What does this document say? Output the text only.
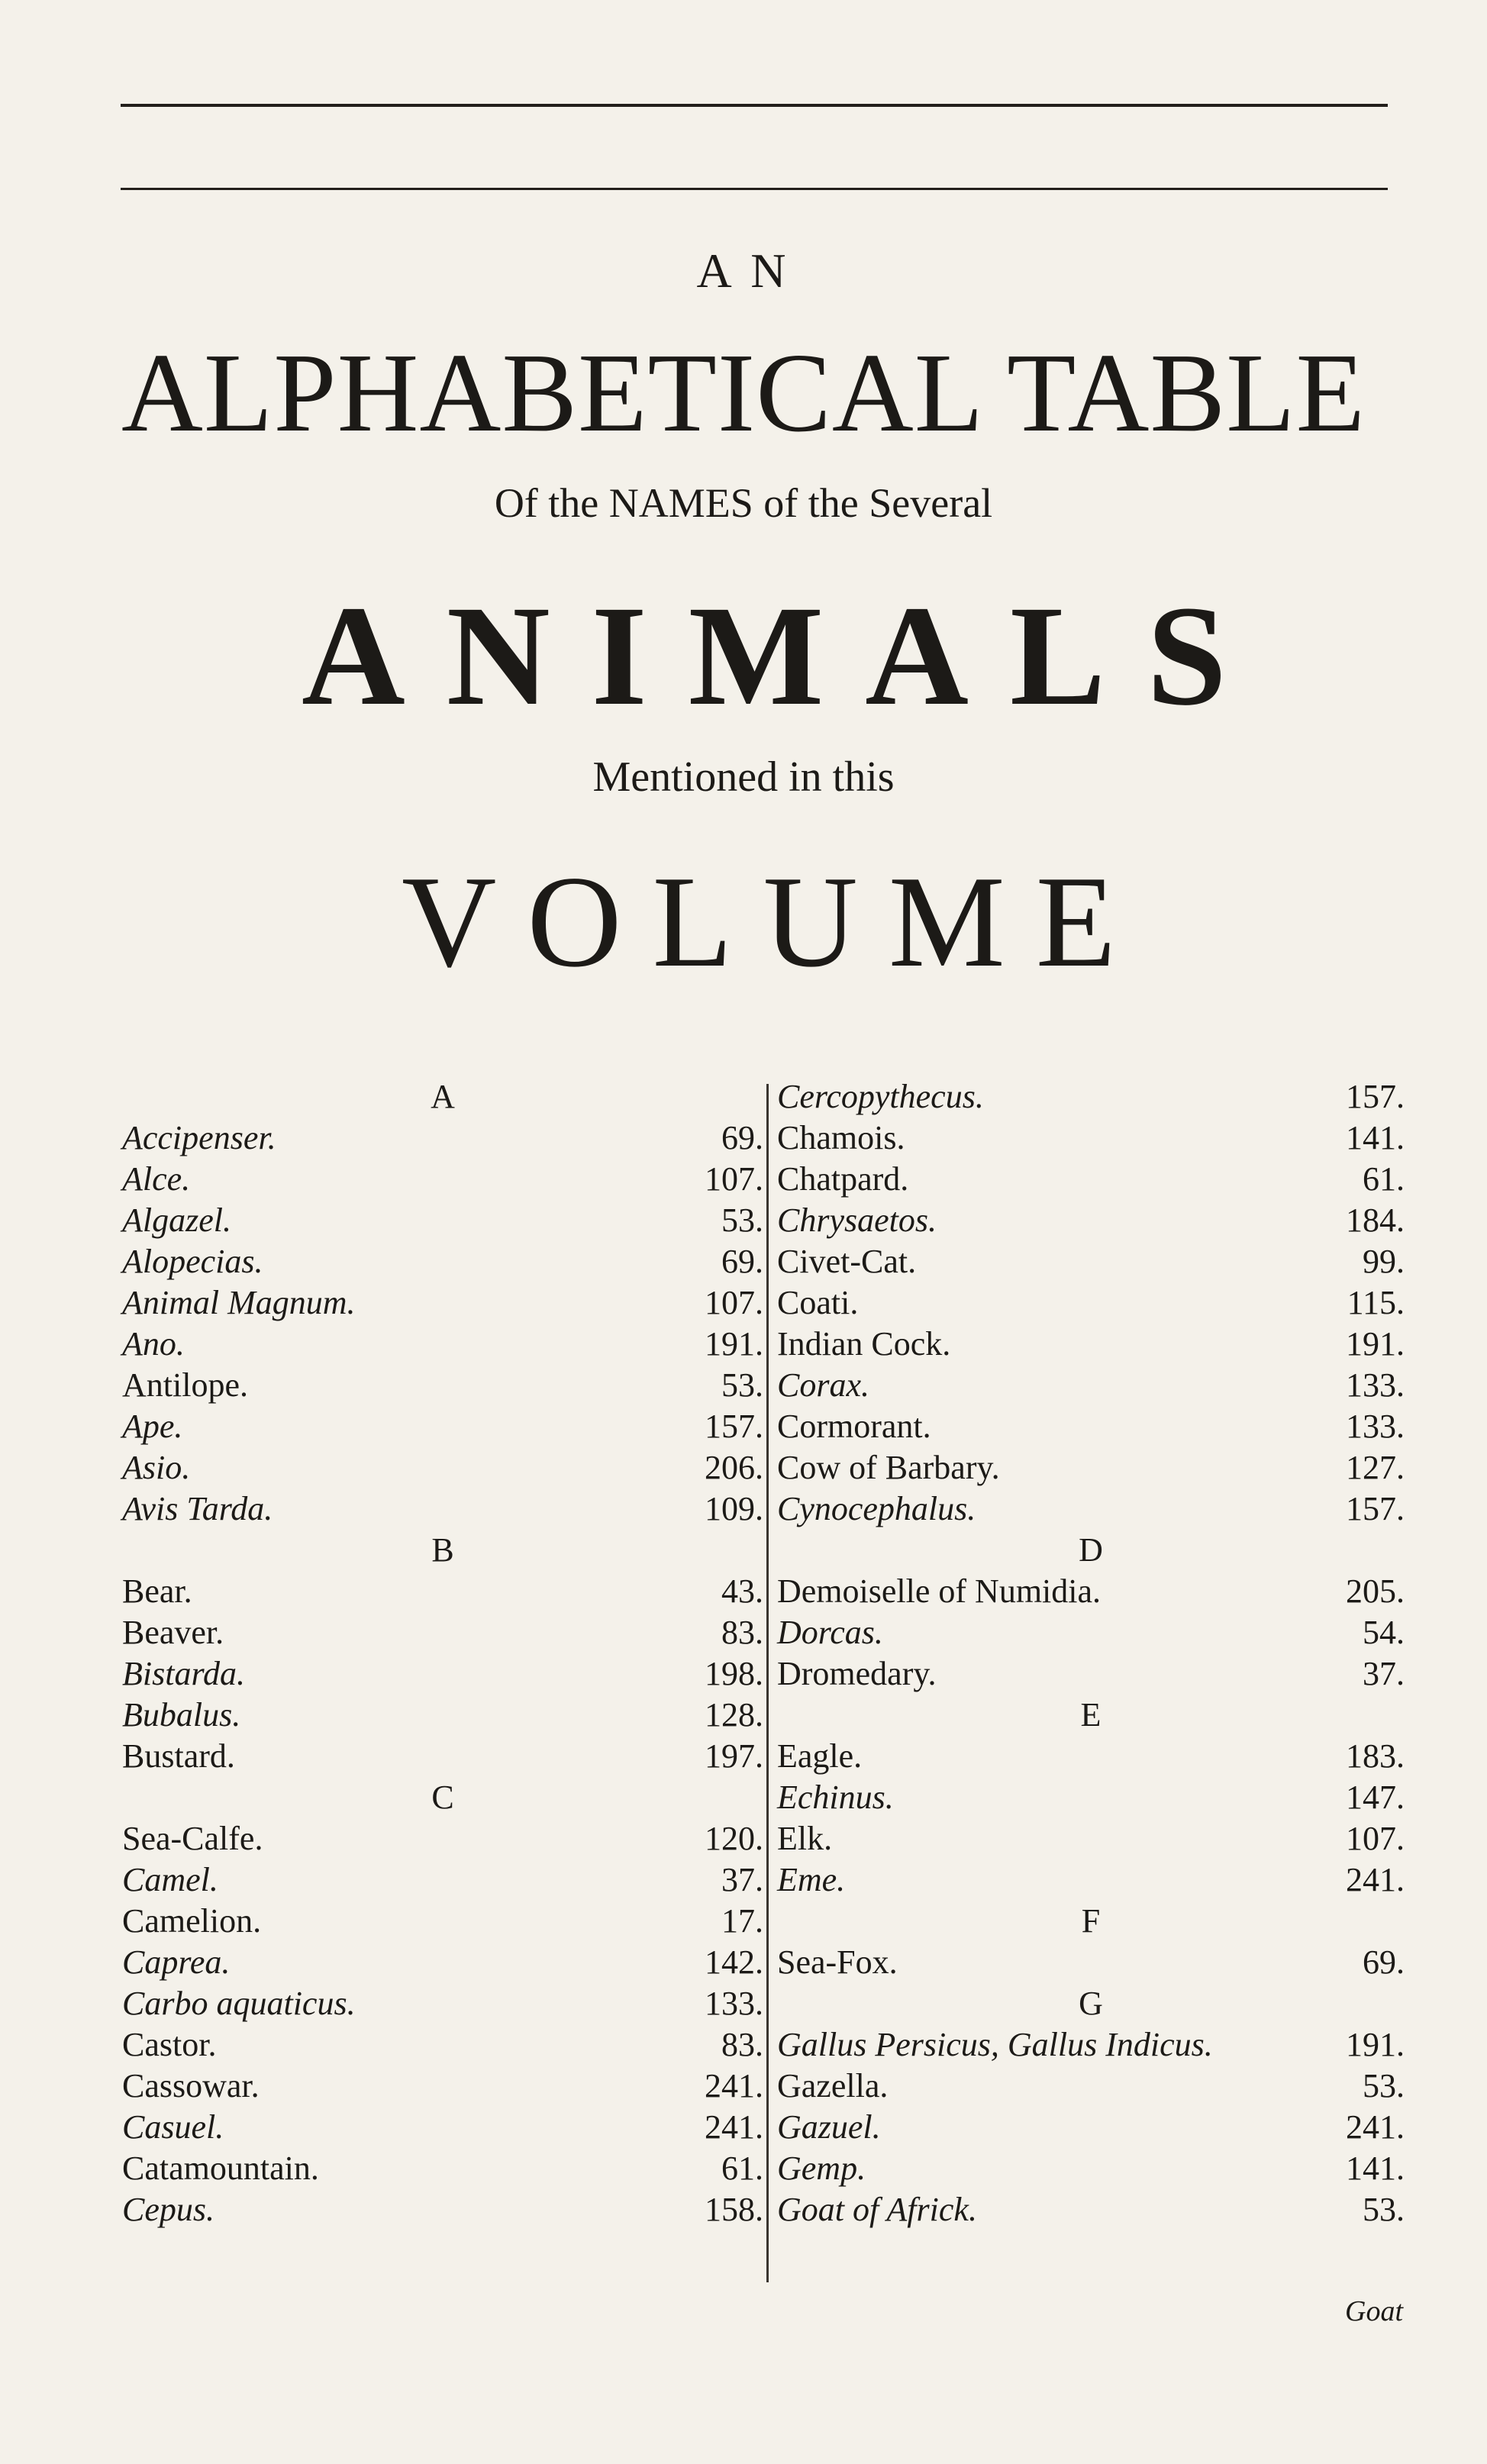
A N
ALPHABETICAL TABLE
Of the NAMES of the Several
ANIMALS
Mentioned in this
VOLUME
A
Accipenser.	69.
Alce.	107.
Algazel.	53.
Alopecias.	69.
Animal Magnum.	107.
Ano.	191.
Antilope.	53.
Ape.	157.
Asio.	206.
Avis Tarda.	109.
B
Bear.	43.
Beaver.	83.
Bistarda.	198.
Bubalus.	128.
Bustard.	197.
C
Sea-Calfe.	120.
Camel.	37.
Camelion.	17.
Caprea.	142.
Carbo aquaticus.	133.
Castor.	83.
Cassowar.	241.
Casuel.	241.
Catamountain.	61.
Cepus.	158.
Cercopythecus.	157.
Chamois.	141.
Chatpard.	61.
Chrysaetos.	184.
Civet-Cat.	99.
Coati.	115.
Indian Cock.	191.
Corax.	133.
Cormorant.	133.
Cow of Barbary.	127.
Cynocephalus.	157.
D
Demoiselle of Numidia.	205.
Dorcas.	54.
Dromedary.	37.
E
Eagle.	183.
Echinus.	147.
Elk.	107.
Eme.	241.
F
Sea-Fox.	69.
G
Gallus Persicus, Gallus Indicus.	191.
Gazella.	53.
Gazuel.	241.
Gemp.	141.
Goat of Africk.	53.
Goat
